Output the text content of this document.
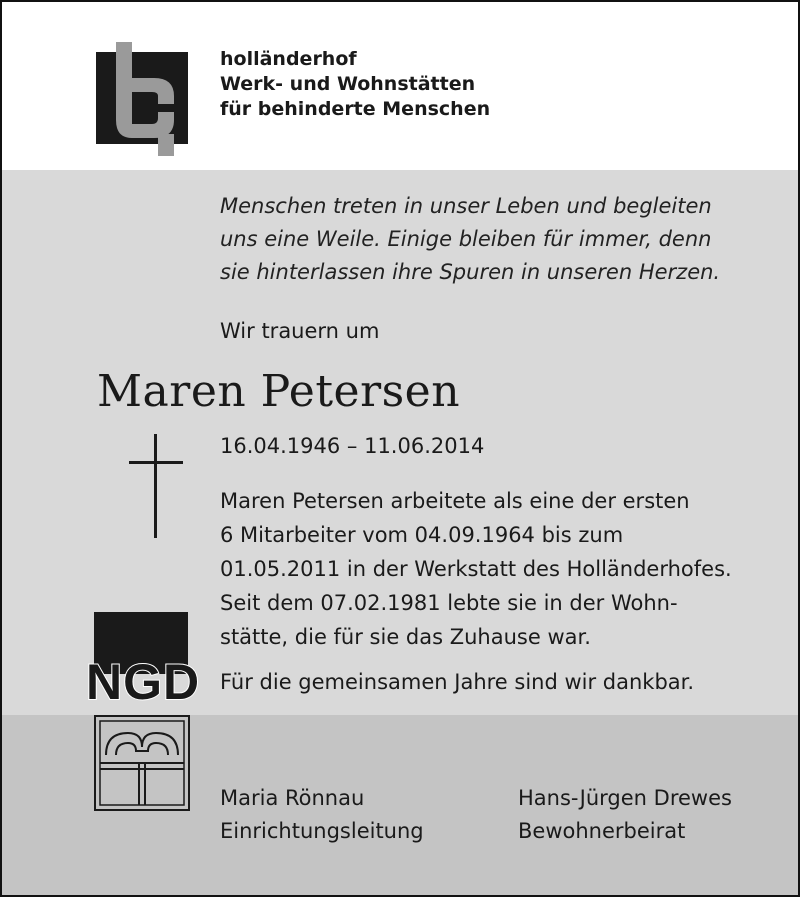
holländerhof
Werk- und Wohnstätten
für behinderte Menschen
Menschen treten in unser Leben und begleiten
uns eine Weile. Einige bleiben für immer, denn
sie hinterlassen ihre Spuren in unseren Herzen.
Wir trauern um
Maren Petersen
16.04.1946 – 11.06.2014
Maren Petersen arbeitete als eine der ersten
6 Mitarbeiter vom 04.09.1964 bis zum
01.05.2011 in der Werkstatt des Holländerhofes.
Seit dem 07.02.1981 lebte sie in der Wohn-
stätte, die für sie das Zuhause war.
Für die gemeinsamen Jahre sind wir dankbar.
NGD
Maria Rönnau
Einrichtungsleitung
Hans-Jürgen Drewes
Bewohnerbeirat
